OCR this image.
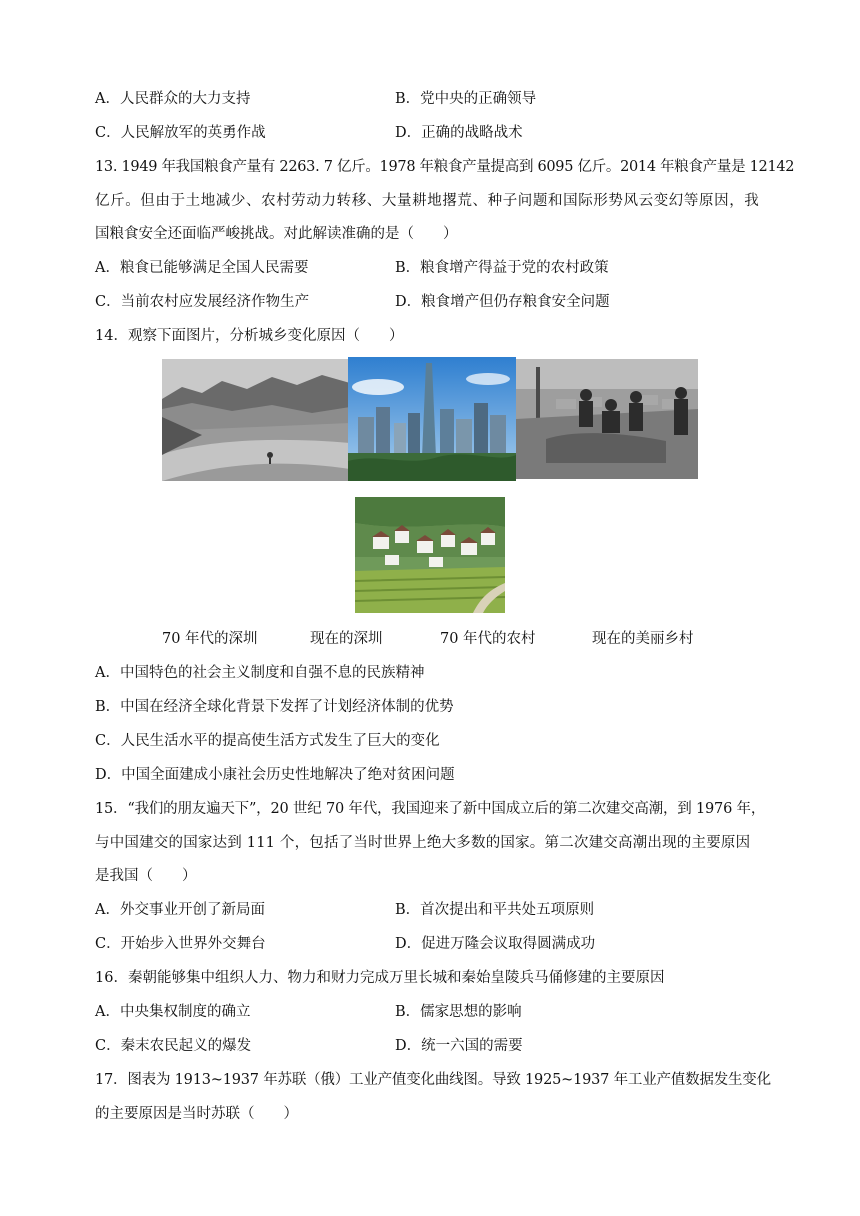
A．人民群众的大力支持	B．党中央的正确领导
C．人民解放军的英勇作战	D．正确的战略战术
13. 1949 年我国粮食产量有 2263. 7 亿斤。1978 年粮食产量提高到 6095 亿斤。2014 年粮食产量是 12142
亿斤。但由于土地减少、农村劳动力转移、大量耕地撂荒、种子问题和国际形势风云变幻等原因，我
国粮食安全还面临严峻挑战。对此解读准确的是（　　）
A．粮食已能够满足全国人民需要	B．粮食增产得益于党的农村政策
C．当前农村应发展经济作物生产	D．粮食增产但仍存粮食安全问题
14．观察下面图片，分析城乡变化原因（　　）
70 年代的深圳	现在的深圳	70 年代的农村	现在的美丽乡村
A．中国特色的社会主义制度和自强不息的民族精神
B．中国在经济全球化背景下发挥了计划经济体制的优势
C．人民生活水平的提高使生活方式发生了巨大的变化
D．中国全面建成小康社会历史性地解决了绝对贫困问题
15．“我们的朋友遍天下”，20 世纪 70 年代，我国迎来了新中国成立后的第二次建交高潮，到 1976 年，
与中国建交的国家达到 111 个，包括了当时世界上绝大多数的国家。第二次建交高潮出现的主要原因
是我国（　　）
A．外交事业开创了新局面	B．首次提出和平共处五项原则
C．开始步入世界外交舞台	D．促进万隆会议取得圆满成功
16．秦朝能够集中组织人力、物力和财力完成万里长城和秦始皇陵兵马俑修建的主要原因
A．中央集权制度的确立	B．儒家思想的影响
C．秦末农民起义的爆发	D．统一六国的需要
17．图表为 1913~1937 年苏联（俄）工业产值变化曲线图。导致 1925~1937 年工业产值数据发生变化
的主要原因是当时苏联（　　）
